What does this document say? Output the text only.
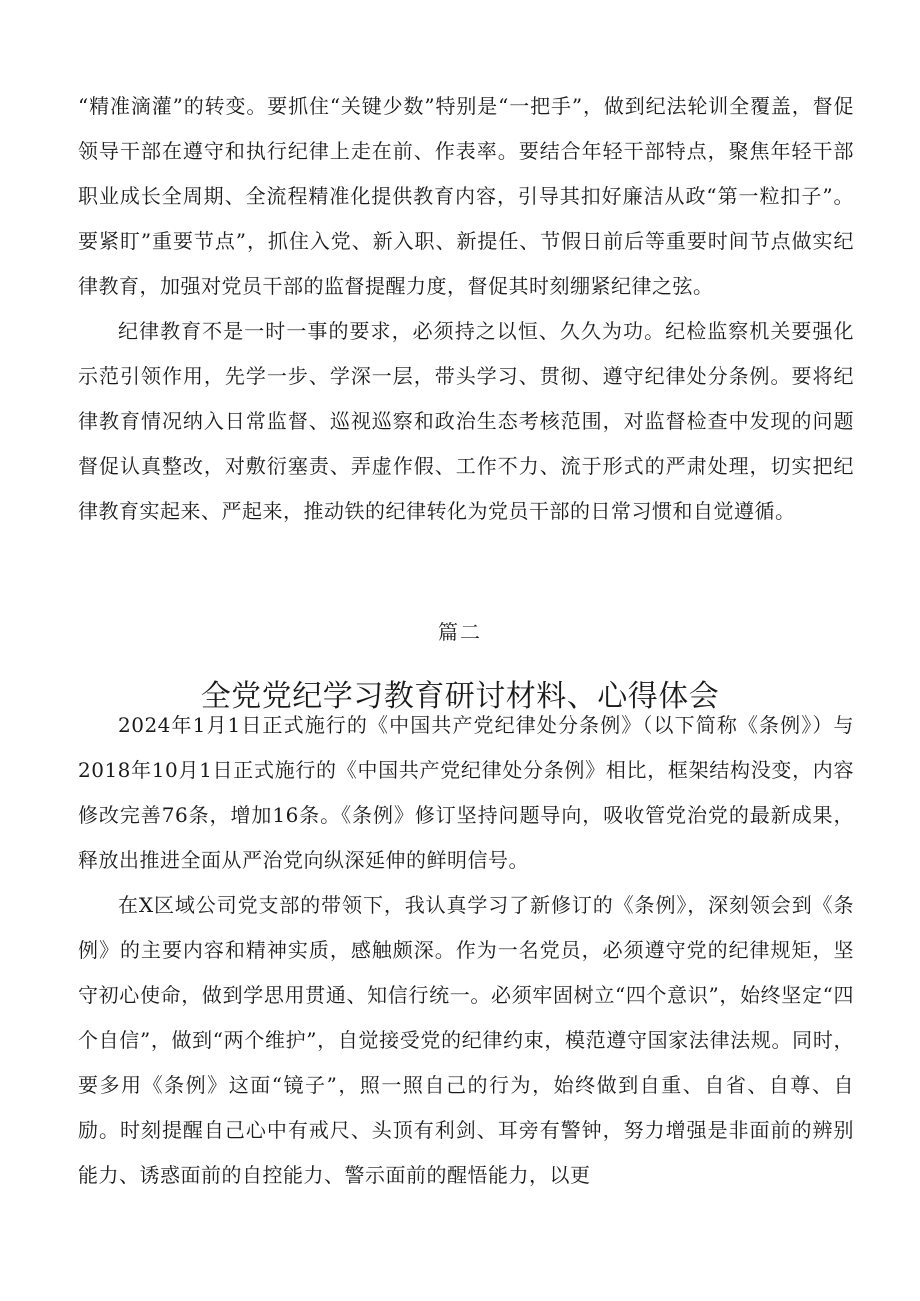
“精准滴灌”的转变。要抓住“关键少数”特别是“一把手”，做到纪法轮训全覆盖，督促领导干部在遵守和执行纪律上走在前、作表率。要结合年轻干部特点，聚焦年轻干部职业成长全周期、全流程精准化提供教育内容，引导其扣好廉洁从政“第一粒扣子”。要紧盯”重要节点”，抓住入党、新入职、新提任、节假日前后等重要时间节点做实纪律教育，加强对党员干部的监督提醒力度，督促其时刻绷紧纪律之弦。

纪律教育不是一时一事的要求，必须持之以恒、久久为功。纪检监察机关要强化示范引领作用，先学一步、学深一层，带头学习、贯彻、遵守纪律处分条例。要将纪律教育情况纳入日常监督、巡视巡察和政治生态考核范围，对监督检查中发现的问题督促认真整改，对敷衍塞责、弄虚作假、工作不力、流于形式的严肃处理，切实把纪律教育实起来、严起来，推动铁的纪律转化为党员干部的日常习惯和自觉遵循。

篇二
全党党纪学习教育研讨材料、心得体会

2024年1月1日正式施行的《中国共产党纪律处分条例》（以下简称《条例》）与2018年10月1日正式施行的《中国共产党纪律处分条例》相比，框架结构没变，内容修改完善76条，增加16条。《条例》修订坚持问题导向，吸收管党治党的最新成果，释放出推进全面从严治党向纵深延伸的鲜明信号。

在X区域公司党支部的带领下，我认真学习了新修订的《条例》，深刻领会到《条例》的主要内容和精神实质，感触颇深。作为一名党员，必须遵守党的纪律规矩，坚守初心使命，做到学思用贯通、知信行统一。必须牢固树立“四个意识”，始终坚定“四个自信”，做到“两个维护”，自觉接受党的纪律约束，模范遵守国家法律法规。同时，要多用《条例》这面“镜子”，照一照自己的行为，始终做到自重、自省、自尊、自励。时刻提醒自己心中有戒尺、头顶有利剑、耳旁有警钟，努力增强是非面前的辨别能力、诱惑面前的自控能力、警示面前的醒悟能力，以更
